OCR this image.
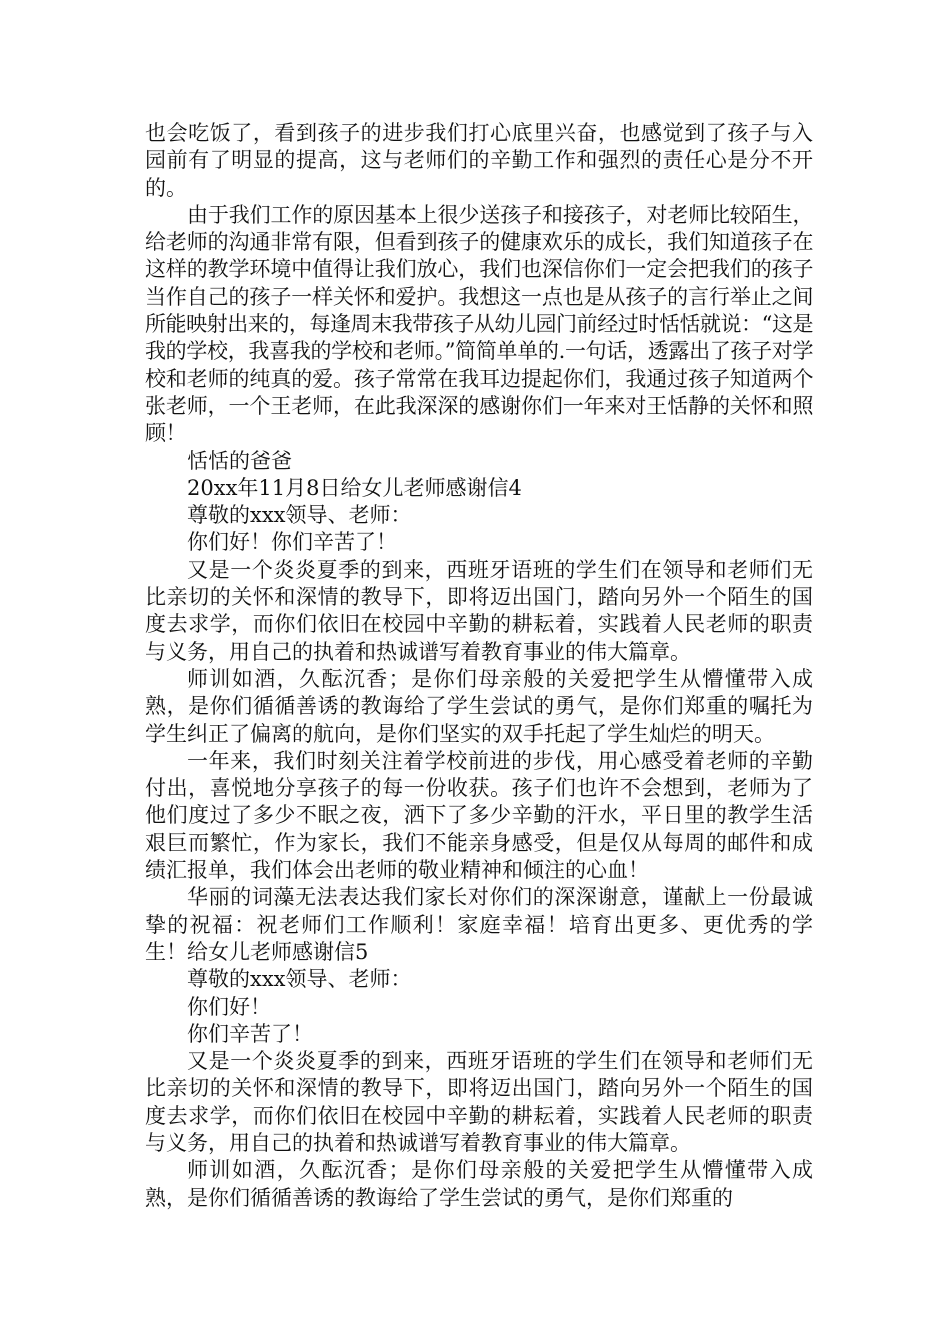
也会吃饭了，看到孩子的进步我们打心底里兴奋，也感觉到了孩子与入园前有了明显的提高，这与老师们的辛勤工作和强烈的责任心是分不开的。

由于我们工作的原因基本上很少送孩子和接孩子，对老师比较陌生，给老师的沟通非常有限，但看到孩子的健康欢乐的成长，我们知道孩子在这样的教学环境中值得让我们放心，我们也深信你们一定会把我们的孩子当作自己的孩子一样关怀和爱护。我想这一点也是从孩子的言行举止之间所能映射出来的，每逢周末我带孩子从幼儿园门前经过时恬恬就说：“这是我的学校，我喜我的学校和老师。”简简单单的.一句话，透露出了孩子对学校和老师的纯真的爱。孩子常常在我耳边提起你们，我通过孩子知道两个张老师，一个王老师，在此我深深的感谢你们一年来对王恬静的关怀和照顾！

恬恬的爸爸

20xx年11月8日给女儿老师感谢信4

尊敬的xxx领导、老师：

你们好！你们辛苦了！

又是一个炎炎夏季的到来，西班牙语班的学生们在领导和老师们无比亲切的关怀和深情的教导下，即将迈出国门，踏向另外一个陌生的国度去求学，而你们依旧在校园中辛勤的耕耘着，实践着人民老师的职责与义务，用自己的执着和热诚谱写着教育事业的伟大篇章。

师训如酒，久酝沉香；是你们母亲般的关爱把学生从懵懂带入成熟，是你们循循善诱的教诲给了学生尝试的勇气，是你们郑重的嘱托为学生纠正了偏离的航向，是你们坚实的双手托起了学生灿烂的明天。

一年来，我们时刻关注着学校前进的步伐，用心感受着老师的辛勤付出，喜悦地分享孩子的每一份收获。孩子们也许不会想到，老师为了他们度过了多少不眠之夜，洒下了多少辛勤的汗水，平日里的教学生活艰巨而繁忙，作为家长，我们不能亲身感受，但是仅从每周的邮件和成绩汇报单，我们体会出老师的敬业精神和倾注的心血！

华丽的词藻无法表达我们家长对你们的深深谢意，谨献上一份最诚挚的祝福：祝老师们工作顺利！家庭幸福！培育出更多、更优秀的学生！给女儿老师感谢信5

尊敬的xxx领导、老师：

你们好！

你们辛苦了！

又是一个炎炎夏季的到来，西班牙语班的学生们在领导和老师们无比亲切的关怀和深情的教导下，即将迈出国门，踏向另外一个陌生的国度去求学，而你们依旧在校园中辛勤的耕耘着，实践着人民老师的职责与义务，用自己的执着和热诚谱写着教育事业的伟大篇章。

师训如酒，久酝沉香；是你们母亲般的关爱把学生从懵懂带入成熟，是你们循循善诱的教诲给了学生尝试的勇气，是你们郑重的
